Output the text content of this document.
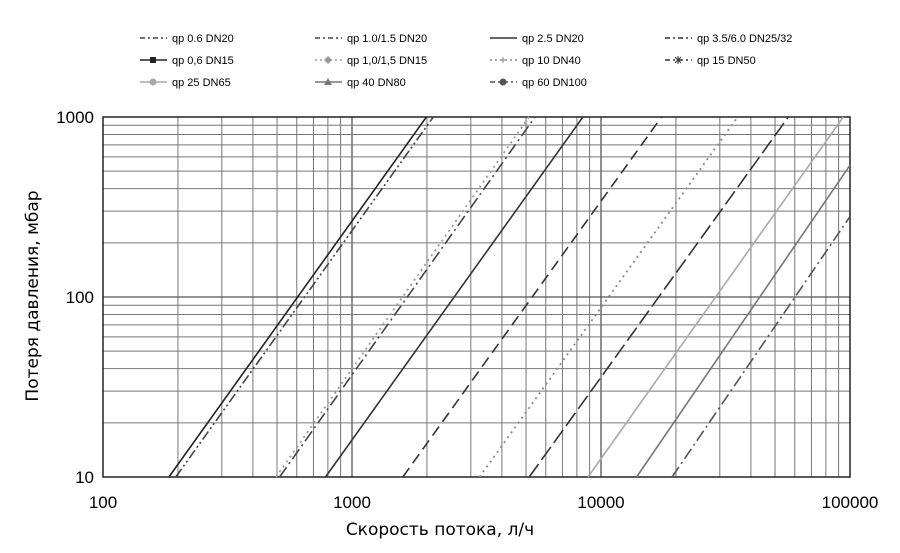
qp 0.6 DN20	qp 1.0/1.5 DN20	qp 2.5 DN20	qp 3.5/6.0 DN25/32
qp 0,6 DN15	qp 1,0/1,5 DN15	qp 10 DN40	qp 15 DN50
qp 25 DN65	qp 40 DN80	qp 60 DN100
100	1000	10000	100000
10
100
1000
Скорость потока, л/ч
Потеря давления, мбар
